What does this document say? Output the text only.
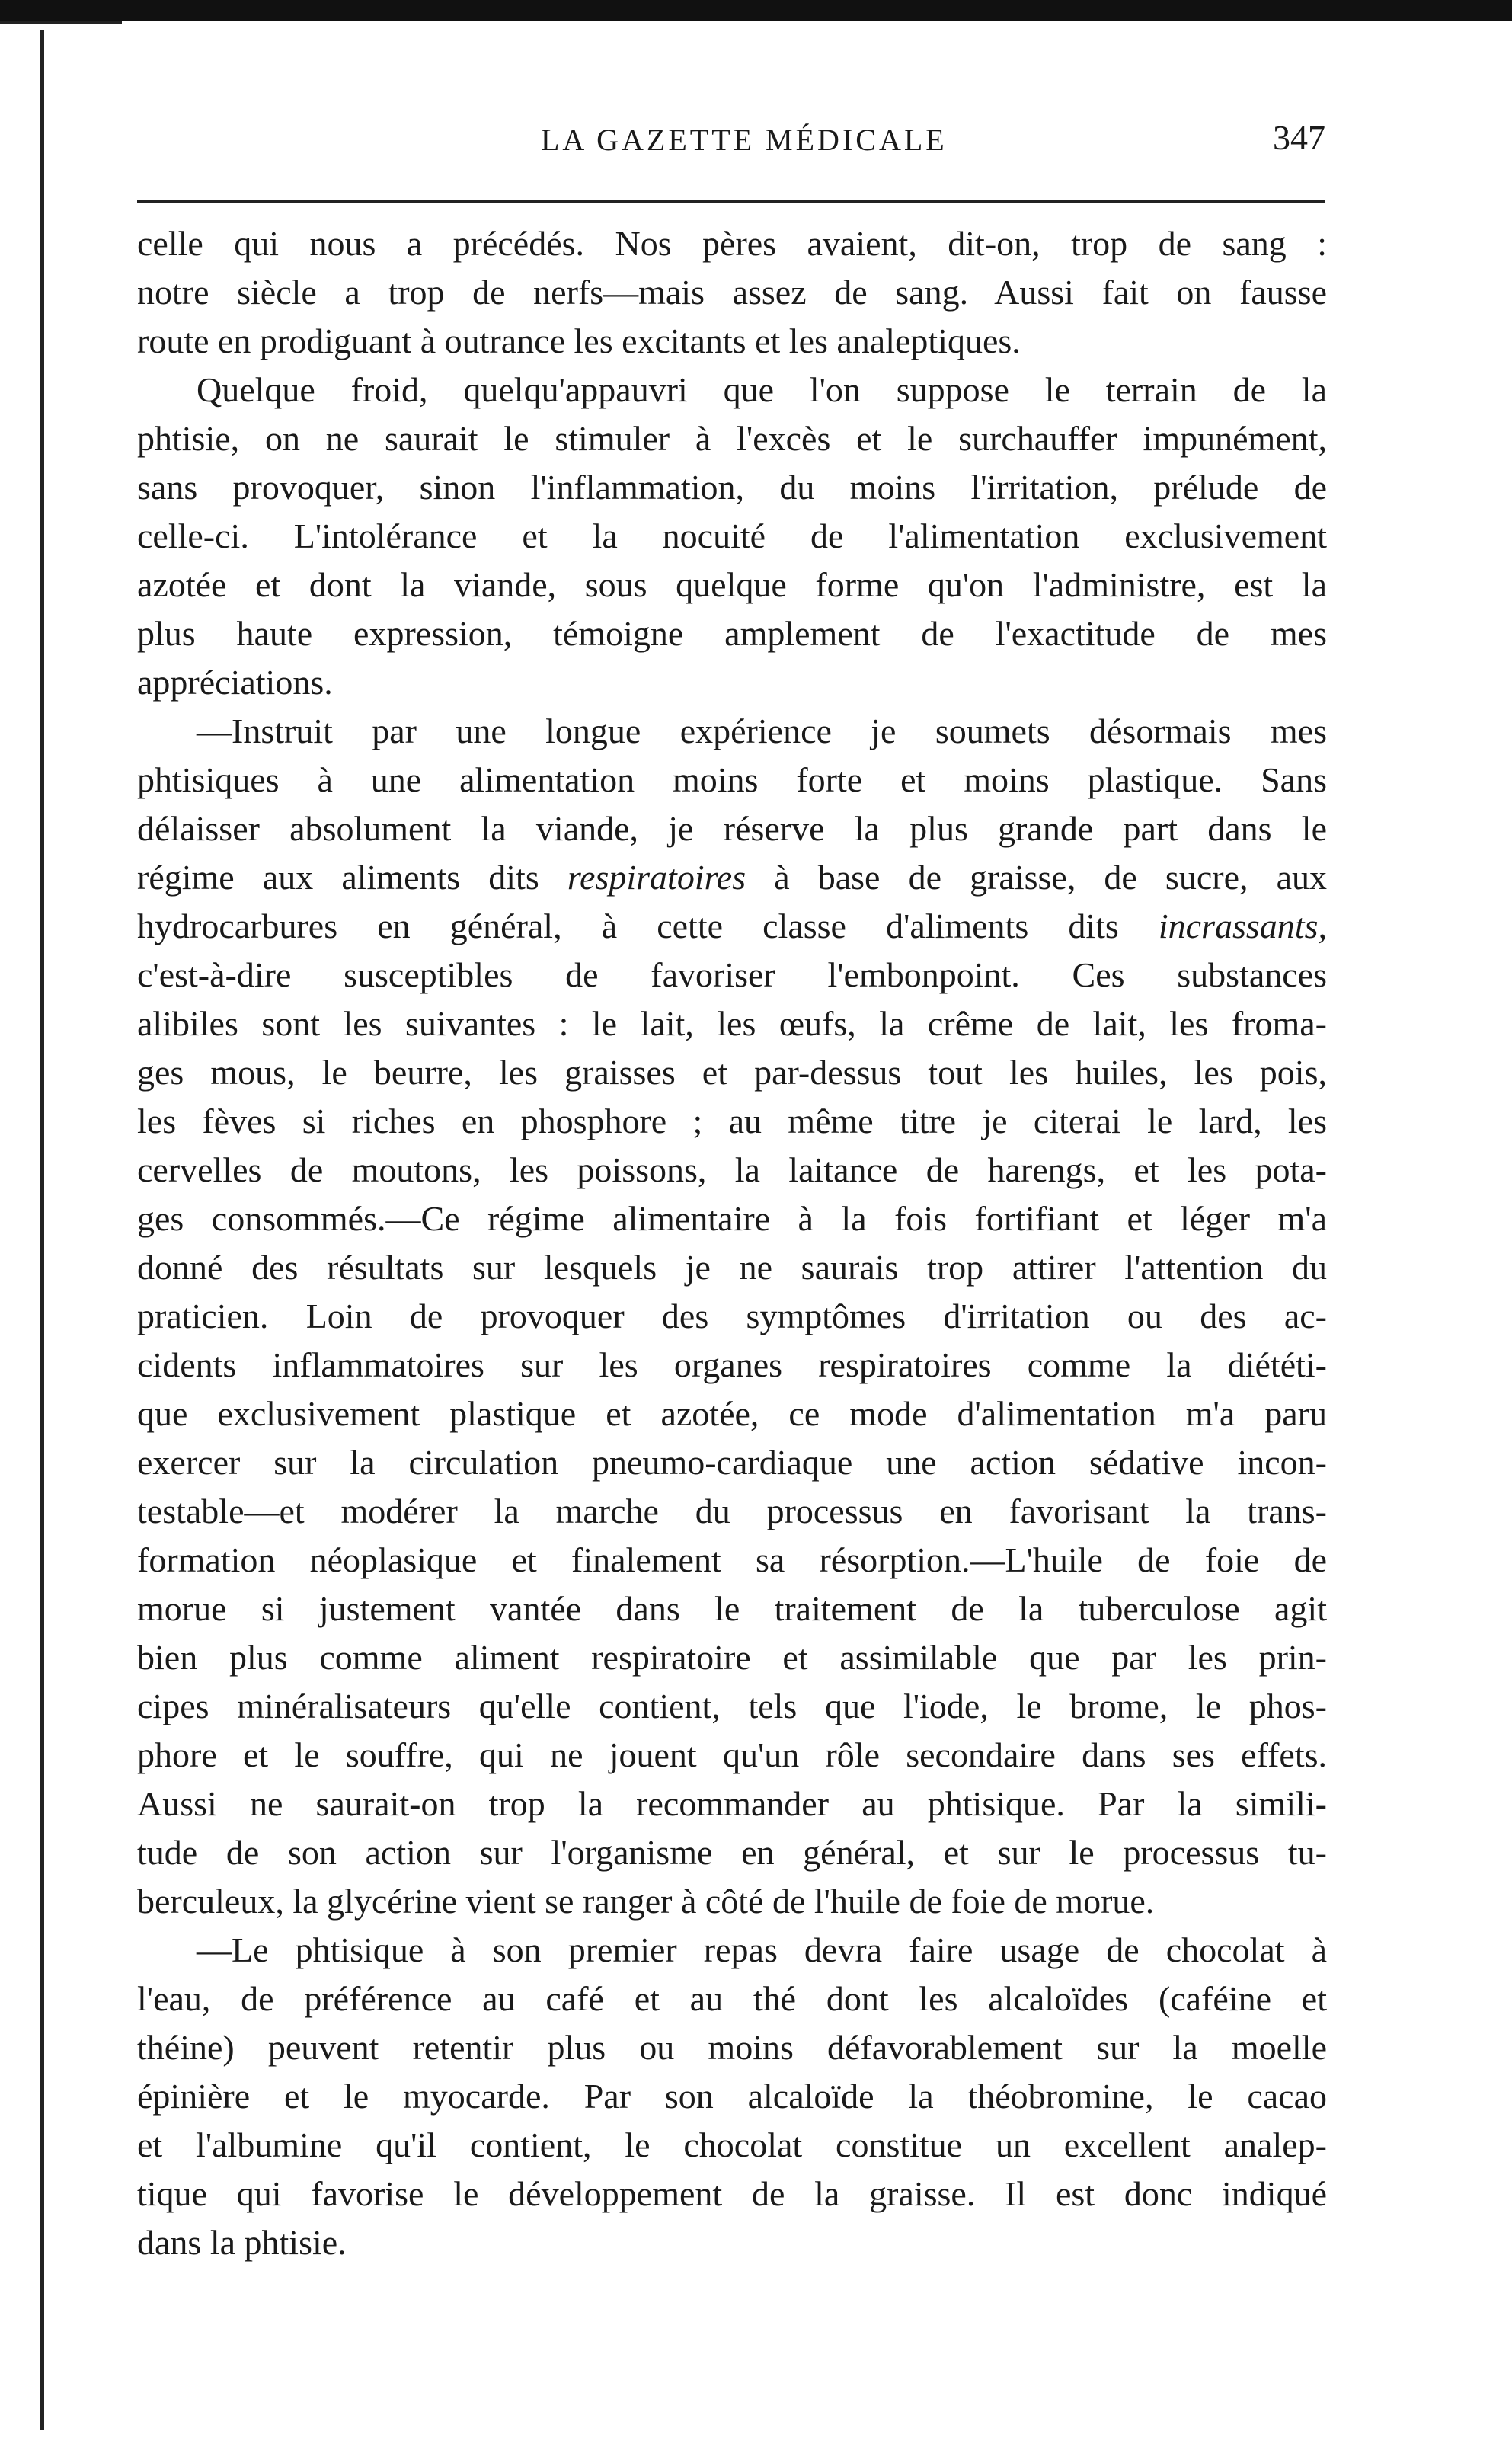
LA GAZETTE MÉDICALE	347
celle qui nous a précédés. Nos pères avaient, dit-on, trop de sang :
notre siècle a trop de nerfs—mais assez de sang. Aussi fait on fausse
route en prodiguant à outrance les excitants et les analeptiques.
Quelque froid, quelqu'appauvri que l'on suppose le terrain de la
phtisie, on ne saurait le stimuler à l'excès et le surchauffer impunément,
sans provoquer, sinon l'inflammation, du moins l'irritation, prélude de
celle-ci. L'intolérance et la nocuité de l'alimentation exclusivement
azotée et dont la viande, sous quelque forme qu'on l'administre, est la
plus haute expression, témoigne amplement de l'exactitude de mes
appréciations.
—Instruit par une longue expérience je soumets désormais mes
phtisiques à une alimentation moins forte et moins plastique. Sans
délaisser absolument la viande, je réserve la plus grande part dans le
régime aux aliments dits respiratoires à base de graisse, de sucre, aux
hydrocarbures en général, à cette classe d'aliments dits incrassants,
c'est-à-dire susceptibles de favoriser l'embonpoint. Ces substances
alibiles sont les suivantes : le lait, les œufs, la crême de lait, les froma-
ges mous, le beurre, les graisses et par-dessus tout les huiles, les pois,
les fèves si riches en phosphore ; au même titre je citerai le lard, les
cervelles de moutons, les poissons, la laitance de harengs, et les pota-
ges consommés.—Ce régime alimentaire à la fois fortifiant et léger m'a
donné des résultats sur lesquels je ne saurais trop attirer l'attention du
praticien. Loin de provoquer des symptômes d'irritation ou des ac-
cidents inflammatoires sur les organes respiratoires comme la diététi-
que exclusivement plastique et azotée, ce mode d'alimentation m'a paru
exercer sur la circulation pneumo-cardiaque une action sédative incon-
testable—et modérer la marche du processus en favorisant la trans-
formation néoplasique et finalement sa résorption.—L'huile de foie de
morue si justement vantée dans le traitement de la tuberculose agit
bien plus comme aliment respiratoire et assimilable que par les prin-
cipes minéralisateurs qu'elle contient, tels que l'iode, le brome, le phos-
phore et le souffre, qui ne jouent qu'un rôle secondaire dans ses effets.
Aussi ne saurait-on trop la recommander au phtisique. Par la simili-
tude de son action sur l'organisme en général, et sur le processus tu-
berculeux, la glycérine vient se ranger à côté de l'huile de foie de morue.
—Le phtisique à son premier repas devra faire usage de chocolat à
l'eau, de préférence au café et au thé dont les alcaloïdes (caféine et
théine) peuvent retentir plus ou moins défavorablement sur la moelle
épinière et le myocarde. Par son alcaloïde la théobromine, le cacao
et l'albumine qu'il contient, le chocolat constitue un excellent analep-
tique qui favorise le développement de la graisse. Il est donc indiqué
dans la phtisie.
